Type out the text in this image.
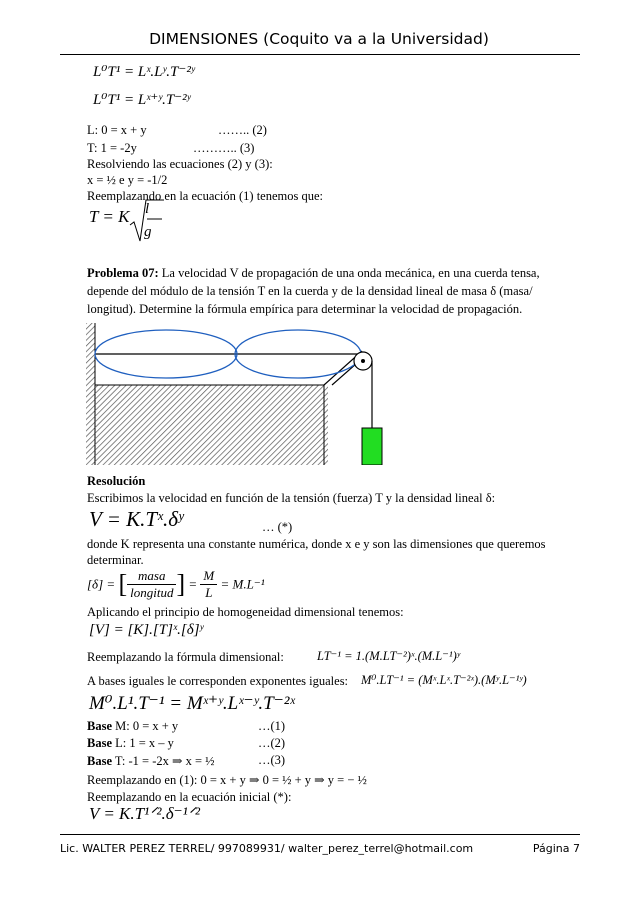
DIMENSIONES (Coquito va a la Universidad)
L⁰T¹ = Lˣ.Lʸ.T⁻²ʸ
L⁰T¹ = Lˣ⁺ʸ.T⁻²ʸ
L: 0 = x + y	…….. (2)
T: 1 = -2y	……….. (3)
Resolviendo las ecuaciones (2) y (3):
x = ½ e y = -1/2
Reemplazando en la ecuación (1) tenemos que:
T = K l
g
Problema 07: La velocidad V de propagación de una onda mecánica, en una cuerda tensa,
depende del módulo de la tensión T en la cuerda y de la densidad lineal de masa δ (masa/
longitud). Determine la fórmula empírica para determinar la velocidad de propagación.
Resolución
Escribimos la velocidad en función de la tensión (fuerza) T y la densidad lineal δ:
V = K.Tˣ.δʸ	… (*)
donde K representa una constante numérica, donde x e y son las dimensiones que queremos
determinar.
[δ] = [ $\frac{\text{masa}}{\text{longitud}}$ ] = $\frac{M}{L} = M.L^{-1}$
Aplicando el principio de homogeneidad dimensional tenemos:
[V] = [K].[T]ˣ.[δ]ʸ
Reemplazando la fórmula dimensional:	LT⁻¹ = 1.(M.LT⁻²)ˣ.(M.L⁻¹)ʸ
A bases iguales le corresponden exponentes iguales: M⁰.LT⁻¹ = (Mˣ.Lˣ.T⁻²ˣ).(Mʸ.L⁻¹ʸ)
M⁰.L¹.T⁻¹ = Mˣ⁺ʸ.Lˣ⁻ʸ.T⁻²ˣ
Base M: 0 = x + y	…(1)
Base L: 1 = x – y	…(2)
Base T: -1 = -2x ⇒ x = ½	…(3)
Reemplazando en (1): 0 = x + y ⇒ 0 = ½ + y ⇒ y = − ½
Reemplazando en la ecuación inicial (*):
V = K.T¹ᐟ².δ⁻¹ᐟ²
Lic. WALTER PEREZ TERREL/ 997089931/ walter_perez_terrel@hotmail.com	Página 7
